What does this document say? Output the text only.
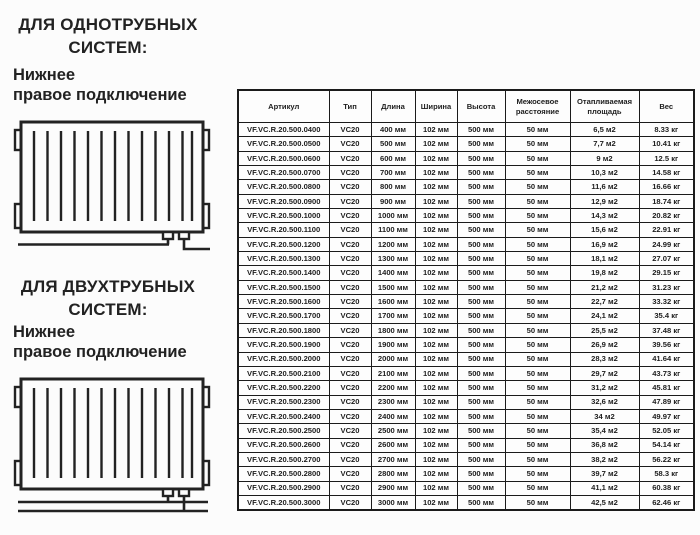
ДЛЯ ОДНОТРУБНЫХ
СИСТЕМ:
Нижнее
правое подключение
ДЛЯ ДВУХТРУБНЫХ
СИСТЕМ:
Нижнее
правое подключение
Артикул	Тип	Длина	Ширина	Высота	Межосевое расстояние	Отапливаемая площадь	Вес
VF.VC.R.20.500.0400	VC20	400 мм	102 мм	500 мм	50 мм	6,5 м2	8.33 кг
VF.VC.R.20.500.0500	VC20	500 мм	102 мм	500 мм	50 мм	7,7 м2	10.41 кг
VF.VC.R.20.500.0600	VC20	600 мм	102 мм	500 мм	50 мм	9 м2	12.5 кг
VF.VC.R.20.500.0700	VC20	700 мм	102 мм	500 мм	50 мм	10,3 м2	14.58 кг
VF.VC.R.20.500.0800	VC20	800 мм	102 мм	500 мм	50 мм	11,6 м2	16.66 кг
VF.VC.R.20.500.0900	VC20	900 мм	102 мм	500 мм	50 мм	12,9 м2	18.74 кг
VF.VC.R.20.500.1000	VC20	1000 мм	102 мм	500 мм	50 мм	14,3 м2	20.82 кг
VF.VC.R.20.500.1100	VC20	1100 мм	102 мм	500 мм	50 мм	15,6 м2	22.91 кг
VF.VC.R.20.500.1200	VC20	1200 мм	102 мм	500 мм	50 мм	16,9 м2	24.99 кг
VF.VC.R.20.500.1300	VC20	1300 мм	102 мм	500 мм	50 мм	18,1 м2	27.07 кг
VF.VC.R.20.500.1400	VC20	1400 мм	102 мм	500 мм	50 мм	19,8 м2	29.15 кг
VF.VC.R.20.500.1500	VC20	1500 мм	102 мм	500 мм	50 мм	21,2 м2	31.23 кг
VF.VC.R.20.500.1600	VC20	1600 мм	102 мм	500 мм	50 мм	22,7 м2	33.32 кг
VF.VC.R.20.500.1700	VC20	1700 мм	102 мм	500 мм	50 мм	24,1 м2	35.4 кг
VF.VC.R.20.500.1800	VC20	1800 мм	102 мм	500 мм	50 мм	25,5 м2	37.48 кг
VF.VC.R.20.500.1900	VC20	1900 мм	102 мм	500 мм	50 мм	26,9 м2	39.56 кг
VF.VC.R.20.500.2000	VC20	2000 мм	102 мм	500 мм	50 мм	28,3 м2	41.64 кг
VF.VC.R.20.500.2100	VC20	2100 мм	102 мм	500 мм	50 мм	29,7 м2	43.73 кг
VF.VC.R.20.500.2200	VC20	2200 мм	102 мм	500 мм	50 мм	31,2 м2	45.81 кг
VF.VC.R.20.500.2300	VC20	2300 мм	102 мм	500 мм	50 мм	32,6 м2	47.89 кг
VF.VC.R.20.500.2400	VC20	2400 мм	102 мм	500 мм	50 мм	34 м2	49.97 кг
VF.VC.R.20.500.2500	VC20	2500 мм	102 мм	500 мм	50 мм	35,4 м2	52.05 кг
VF.VC.R.20.500.2600	VC20	2600 мм	102 мм	500 мм	50 мм	36,8 м2	54.14 кг
VF.VC.R.20.500.2700	VC20	2700 мм	102 мм	500 мм	50 мм	38,2 м2	56.22 кг
VF.VC.R.20.500.2800	VC20	2800 мм	102 мм	500 мм	50 мм	39,7 м2	58.3 кг
VF.VC.R.20.500.2900	VC20	2900 мм	102 мм	500 мм	50 мм	41,1 м2	60.38 кг
VF.VC.R.20.500.3000	VC20	3000 мм	102 мм	500 мм	50 мм	42,5 м2	62.46 кг
